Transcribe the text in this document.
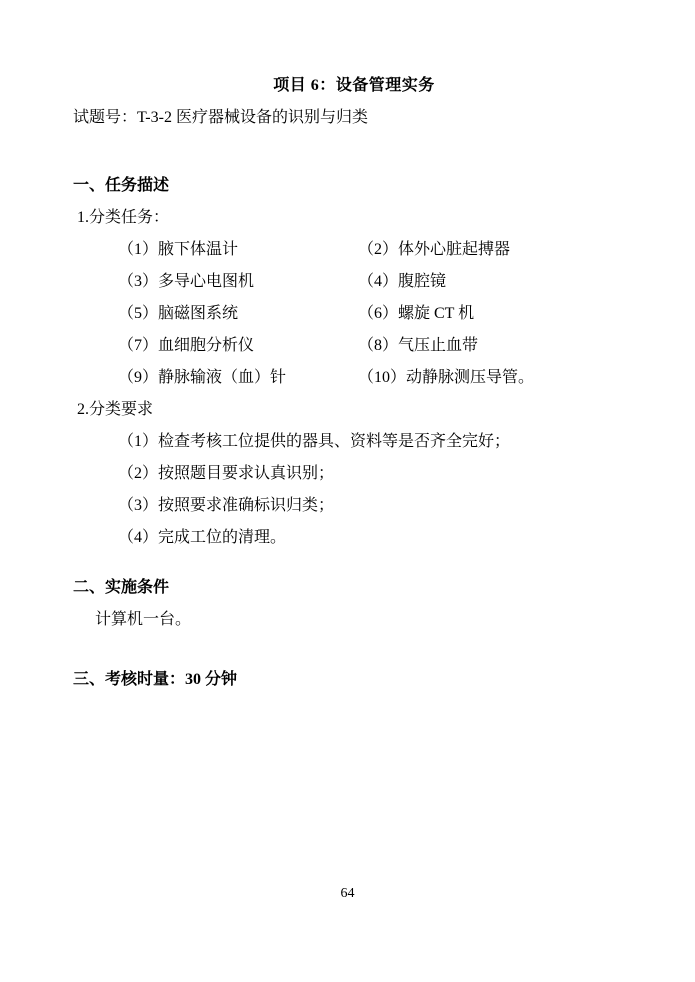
项目 6：设备管理实务
试题号：T-3-2 医疗器械设备的识别与归类
一、任务描述
1.分类任务：
（1）腋下体温计	（2）体外心脏起搏器
（3）多导心电图机	（4）腹腔镜
（5）脑磁图系统	（6）螺旋 CT 机
（7）血细胞分析仪	（8）气压止血带
（9）静脉输液（血）针	（10）动静脉测压导管。
2.分类要求
（1）检查考核工位提供的器具、资料等是否齐全完好；
（2）按照题目要求认真识别；
（3）按照要求准确标识归类；
（4）完成工位的清理。
二、实施条件
计算机一台。
三、考核时量：30 分钟
64
